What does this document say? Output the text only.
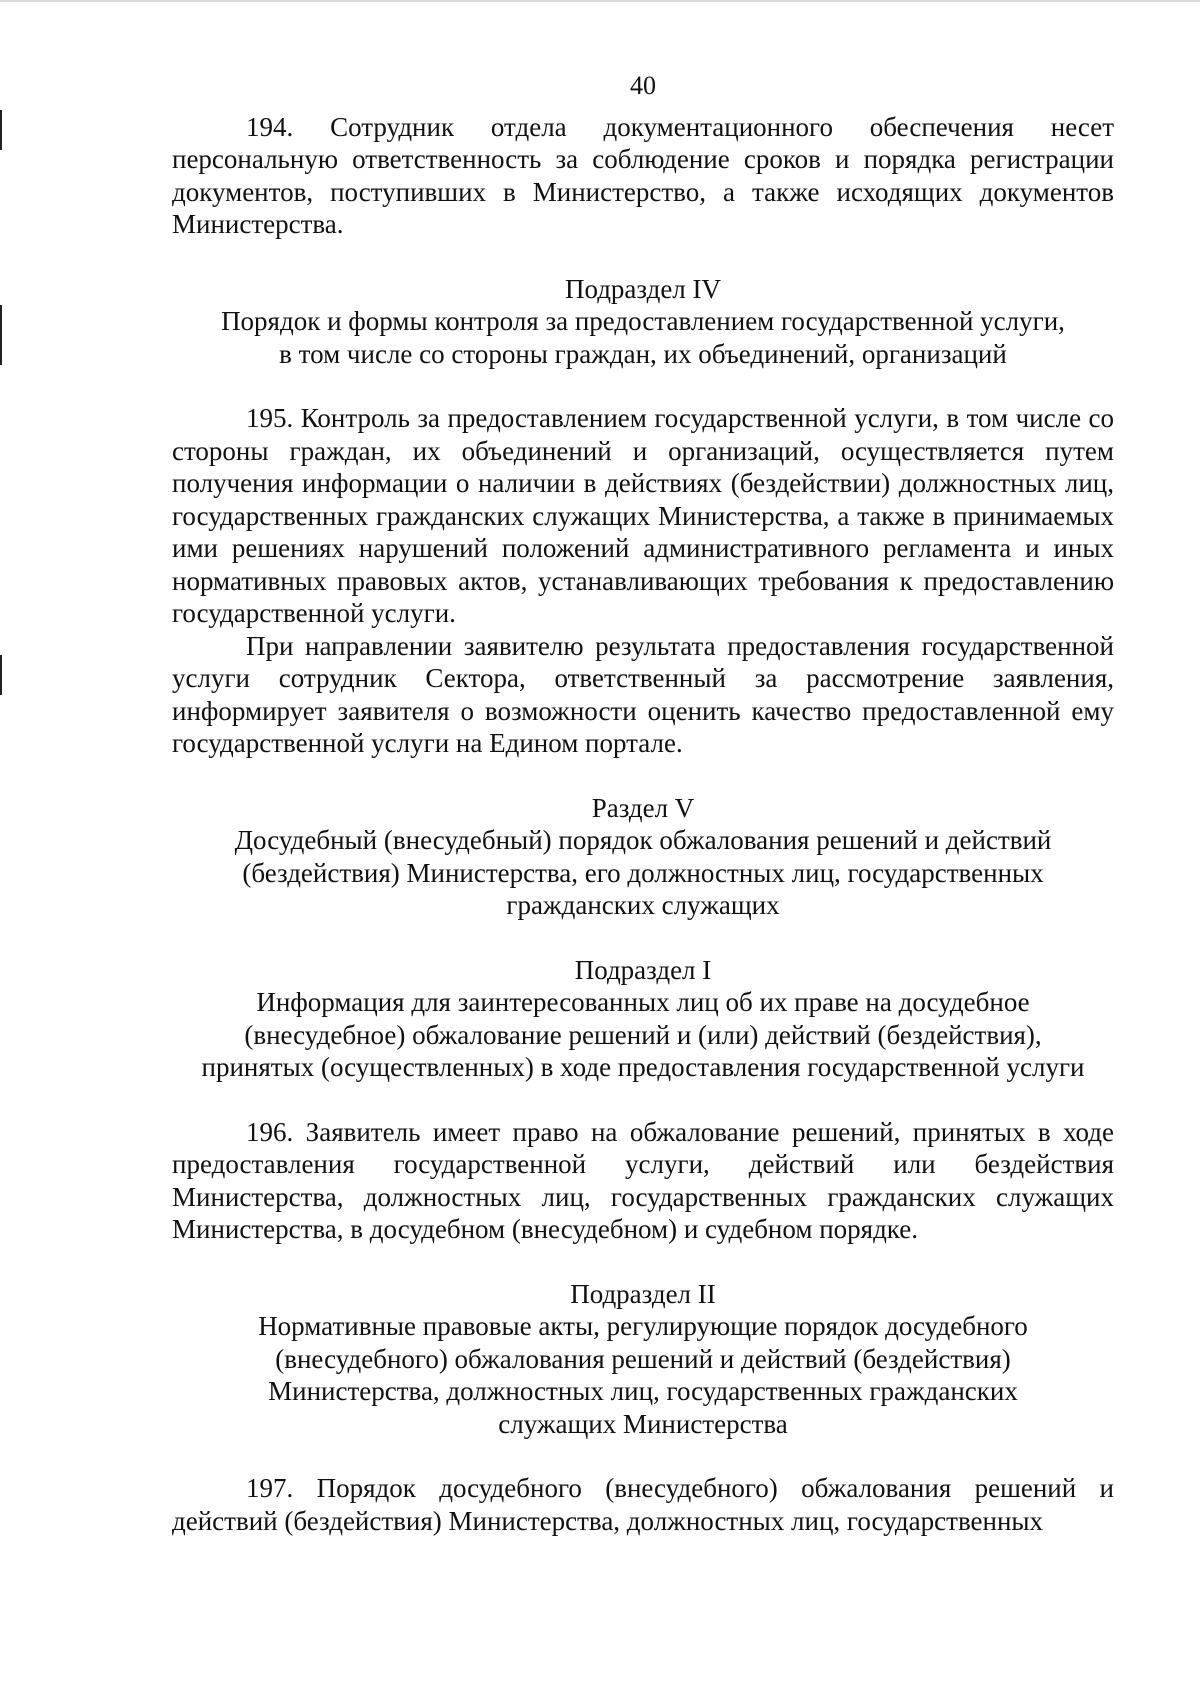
40

194. Сотрудник отдела документационного обеспечения несет персональную ответственность за соблюдение сроков и порядка регистрации документов, поступивших в Министерство, а также исходящих документов Министерства.

Подраздел IV
Порядок и формы контроля за предоставлением государственной услуги,
в том числе со стороны граждан, их объединений, организаций

195. Контроль за предоставлением государственной услуги, в том числе со стороны граждан, их объединений и организаций, осуществляется путем получения информации о наличии в действиях (бездействии) должностных лиц, государственных гражданских служащих Министерства, а также в принимаемых ими решениях нарушений положений административного регламента и иных нормативных правовых актов, устанавливающих требования к предоставлению государственной услуги.

При направлении заявителю результата предоставления государственной услуги сотрудник Сектора, ответственный за рассмотрение заявления, информирует заявителя о возможности оценить качество предоставленной ему государственной услуги на Едином портале.

Раздел V
Досудебный (внесудебный) порядок обжалования решений и действий
(бездействия) Министерства, его должностных лиц, государственных
гражданских служащих
Подраздел I
Информация для заинтересованных лиц об их праве на досудебное
(внесудебное) обжалование решений и (или) действий (бездействия),
принятых (осуществленных) в ходе предоставления государственной услуги

196. Заявитель имеет право на обжалование решений, принятых в ходе предоставления государственной услуги, действий или бездействия Министерства, должностных лиц, государственных гражданских служащих Министерства, в досудебном (внесудебном) и судебном порядке.

Подраздел II
Нормативные правовые акты, регулирующие порядок досудебного
(внесудебного) обжалования решений и действий (бездействия)
Министерства, должностных лиц, государственных гражданских
служащих Министерства

197. Порядок досудебного (внесудебного) обжалования решений и действий (бездействия) Министерства, должностных лиц, государственных
